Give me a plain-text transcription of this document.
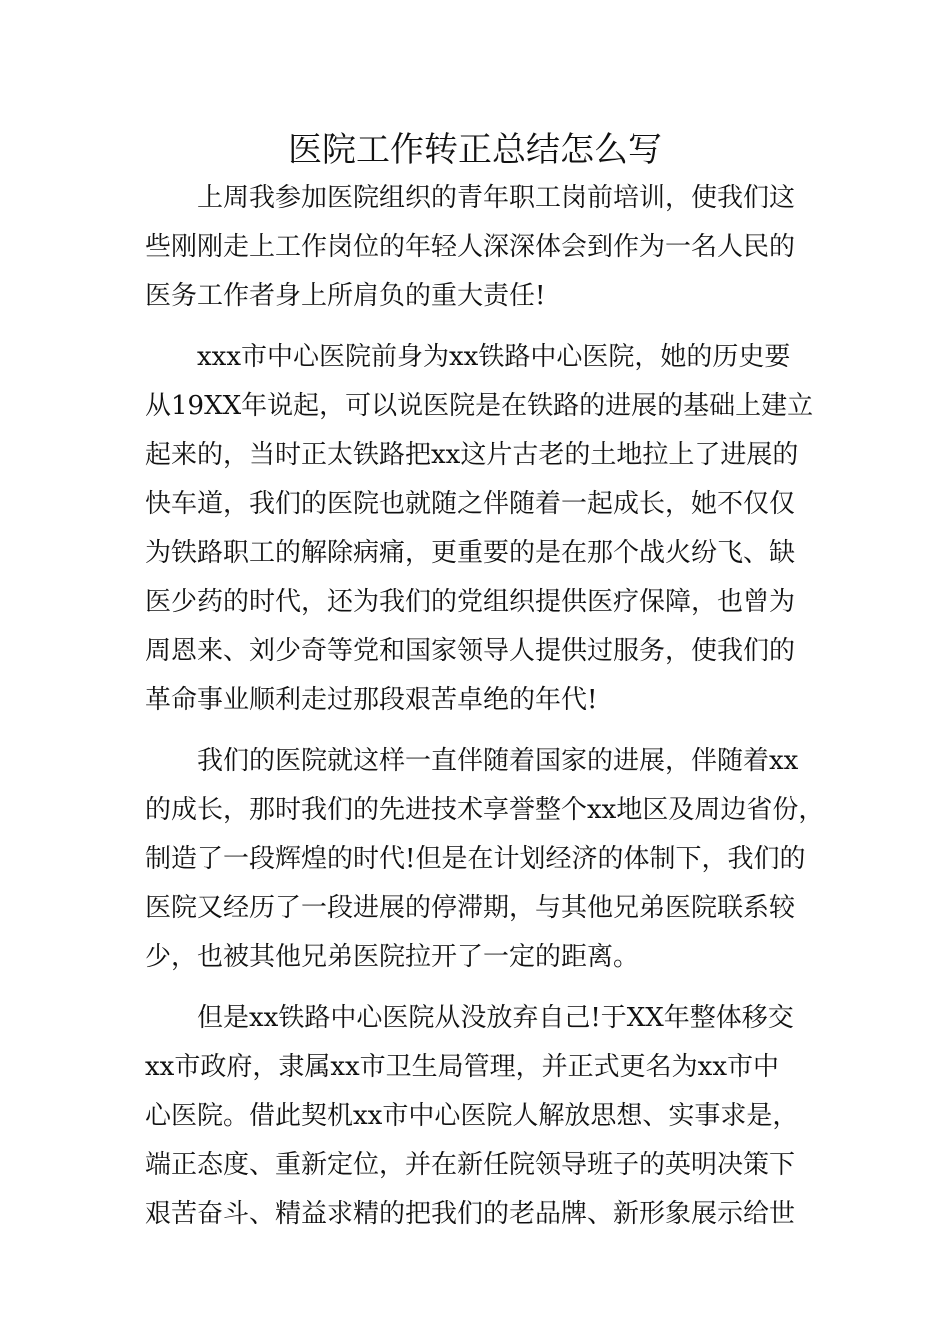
医院工作转正总结怎么写

上周我参加医院组织的青年职工岗前培训，使我们这
些刚刚走上工作岗位的年轻人深深体会到作为一名人民的
医务工作者身上所肩负的重大责任!

xxx市中心医院前身为xx铁路中心医院，她的历史要
从19XX年说起，可以说医院是在铁路的进展的基础上建立
起来的，当时正太铁路把xx这片古老的土地拉上了进展的
快车道，我们的医院也就随之伴随着一起成长，她不仅仅
为铁路职工的解除病痛，更重要的是在那个战火纷飞、缺
医少药的时代，还为我们的党组织提供医疗保障，也曾为
周恩来、刘少奇等党和国家领导人提供过服务，使我们的
革命事业顺利走过那段艰苦卓绝的年代!

我们的医院就这样一直伴随着国家的进展，伴随着xx
的成长，那时我们的先进技术享誉整个xx地区及周边省份，
制造了一段辉煌的时代!但是在计划经济的体制下，我们的
医院又经历了一段进展的停滞期，与其他兄弟医院联系较
少，也被其他兄弟医院拉开了一定的距离。

但是xx铁路中心医院从没放弃自己!于XX年整体移交
xx市政府，隶属xx市卫生局管理，并正式更名为xx市中
心医院。借此契机xx市中心医院人解放思想、实事求是，
端正态度、重新定位，并在新任院领导班子的英明决策下
艰苦奋斗、精益求精的把我们的老品牌、新形象展示给世
